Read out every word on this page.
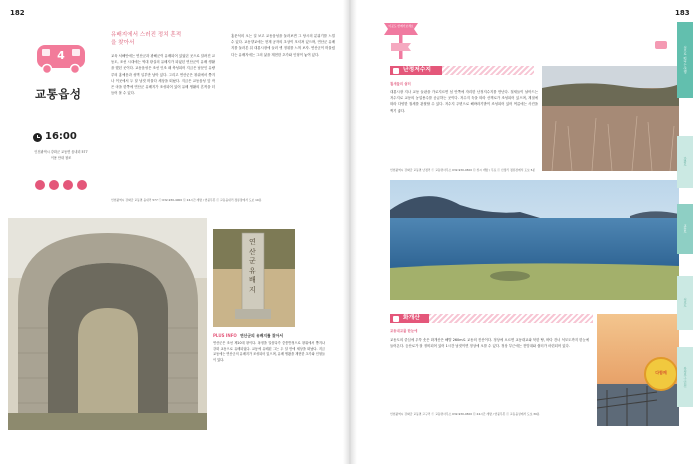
182
4
교통읍성
16:00
인천광역시 강화군 교동면 읍내리 577
이용 안내 참조
유배지에서 스러진 정치 혼적
을 찾아서
교육 서해안에는 연산군과 광해군이 유배되어 있었던 곳으로 알려진 교동도, 조선 시대에는 역대 왕실의 유배지가 되었던 연산군이 유배 생활을 했던 곳이다. 교동읍성은 조선 인조 때 축성되어 지금은 남문인 유량루의 홍예문과 성벽 일부만 남아 있다. 그리고 연산군은 왕위에서 쫓겨나 이곳에서 두 달 남짓 머물다 세상을 떠났다. 지금은 교동읍성 앞 작은 마을 한쪽에 연산군 유배지가 조성되어 있어 유배 생활의 흔적을 더듬어 볼 수 있다.
홍문석의 오는 걸 보고 교동읍성을 둘러보면 그 당시의 분위기를 느낄 수 있다. 교동향교에는 현재 공자의 초상이 모셔져 있으며, 연산군 유배지를 둘러본 뒤 대룡시장에 들러 옛 정취를 느껴 보자. 연산군이 머물렀다는 유배지에는 그의 삶을 재현한 초가와 인형이 놓여 있다.
인천광역시 강화군 교동면 읍내리 577 ⓣ 032-930-4000 ⓦ 24시간 개방 / 연중무휴 ⓒ 교동읍내리 정류장에서 도보 10분
연산군유배지
PLUS INFO 연산군의 유배지를 찾아서
연산군은 조선 제10대 왕이다. 폭정을 일삼다가 중종반정으로 왕위에서 쫓겨나 강화 교동으로 유배되었다. 교동에 유배된 그는 두 달 만에 세상을 떠났다. 지금 교동에는 연산군의 유배지가 조성되어 있으며, 유배 생활을 재현한 초가와 인형들이 있다.
183
이곳도 함께가보세요
난정저수지
철새들의 쉼터
대룡시장 지나 교동 들판을 가로지르면 섬 안쪽에 자리한 난정저수지를 만난다. 철새들이 날아드는 저수지로 교동의 농업용수를 공급하는 곳이다. 저수지 둑을 따라 산책로가 조성되어 있으며, 계절에 따라 다양한 철새를 관찰할 수 있다. 저수지 주변으로 해바라기밭이 조성되어 있어 여름에는 사진을 찍기 좋다.
인천광역시 강화군 교동면 난정리 ⓣ 교동면사무소 032-930-4500 ⓦ 상시 개방 / 무료 ⓒ 난정리 정류장에서 도보 5분
화개산
교동대교를 한눈에
교동도의 중심에 우뚝 솟은 화개산은 해발 260m로 교동의 진산이다. 정상에 오르면 교동대교와 북한 땅, 바다 건너 석모도까지 한눈에 들어온다. 등산로가 잘 정비되어 있어 1시간 남짓이면 정상에 오를 수 있다. 정상 부근에는 전망대와 쉼터가 마련되어 있다.
인천광역시 강화군 교동면 고구리 ⓣ 교동면사무소 032-930-4500 ⓦ 24시간 개방 / 연중무휴 ⓒ 교동읍성에서 도보 30분
다함께
섬으로 떠나는 여행
강화도
교동도
석모도
북성포구 인천
